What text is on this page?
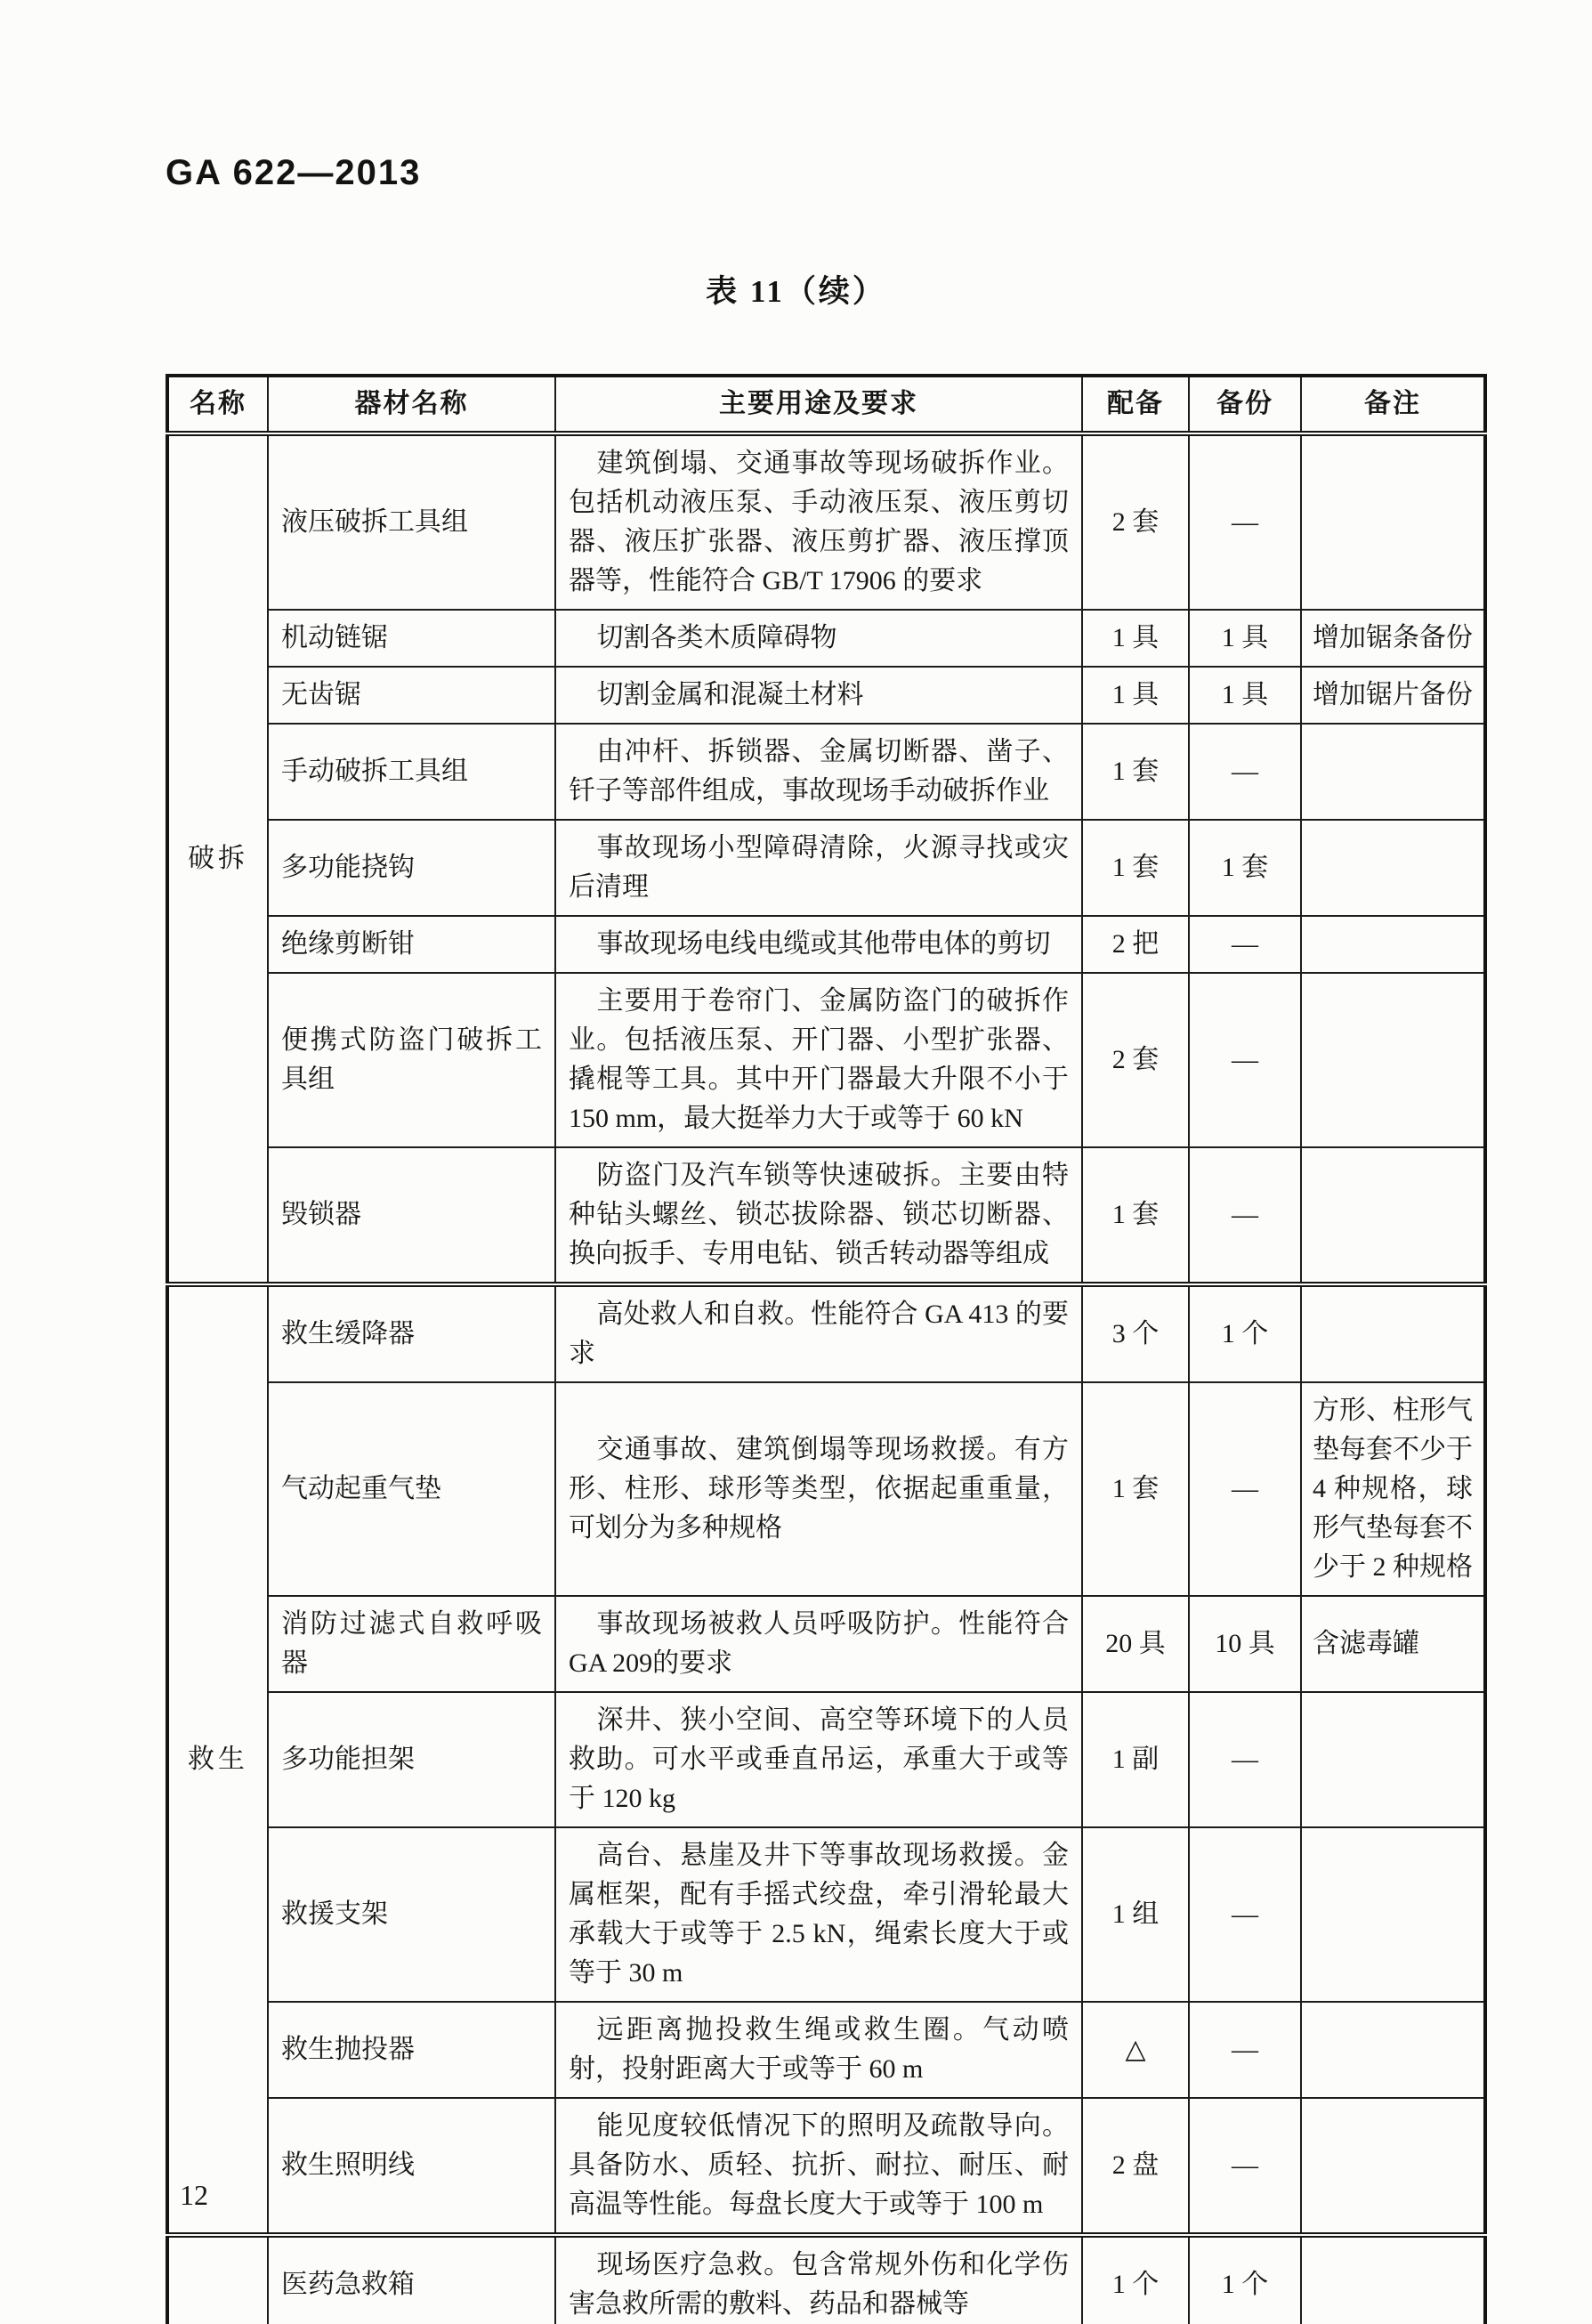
GA 622—2013
表 11（续）
名称	器材名称	主要用途及要求	配备	备份	备注
破拆	液压破拆工具组	建筑倒塌、交通事故等现场破拆作业。包括机动液压泵、手动液压泵、液压剪切器、液压扩张器、液压剪扩器、液压撑顶器等，性能符合 GB/T 17906 的要求	2 套	—	
	机动链锯	切割各类木质障碍物	1 具	1 具	增加锯条备份
	无齿锯	切割金属和混凝土材料	1 具	1 具	增加锯片备份
	手动破拆工具组	由冲杆、拆锁器、金属切断器、凿子、钎子等部件组成，事故现场手动破拆作业	1 套	—	
	多功能挠钩	事故现场小型障碍清除，火源寻找或灾后清理	1 套	1 套	
	绝缘剪断钳	事故现场电线电缆或其他带电体的剪切	2 把	—	
	便携式防盗门破拆工具组	主要用于卷帘门、金属防盗门的破拆作业。包括液压泵、开门器、小型扩张器、撬棍等工具。其中开门器最大升限不小于 150 mm，最大挺举力大于或等于 60 kN	2 套	—	
	毁锁器	防盗门及汽车锁等快速破拆。主要由特种钻头螺丝、锁芯拔除器、锁芯切断器、换向扳手、专用电钻、锁舌转动器等组成	1 套	—	
救生	救生缓降器	高处救人和自救。性能符合 GA 413 的要求	3 个	1 个	
	气动起重气垫	交通事故、建筑倒塌等现场救援。有方形、柱形、球形等类型，依据起重重量，可划分为多种规格	1 套	—	方形、柱形气垫每套不少于 4 种规格，球形气垫每套不少于 2 种规格
	消防过滤式自救呼吸器	事故现场被救人员呼吸防护。性能符合 GA 209的要求	20 具	10 具	含滤毒罐
	多功能担架	深井、狭小空间、高空等环境下的人员救助。可水平或垂直吊运，承重大于或等于 120 kg	1 副	—	
	救援支架	高台、悬崖及井下等事故现场救援。金属框架，配有手摇式绞盘，牵引滑轮最大承载大于或等于 2.5 kN，绳索长度大于或等于 30 m	1 组	—	
	救生抛投器	远距离抛投救生绳或救生圈。气动喷射，投射距离大于或等于 60 m	△	—	
	救生照明线	能见度较低情况下的照明及疏散导向。具备防水、质轻、抗折、耐拉、耐压、耐高温等性能。每盘长度大于或等于 100 m	2 盘	—	
	医药急救箱	现场医疗急救。包含常规外伤和化学伤害急救所需的敷料、药品和器械等	1 个	1 个	
12
